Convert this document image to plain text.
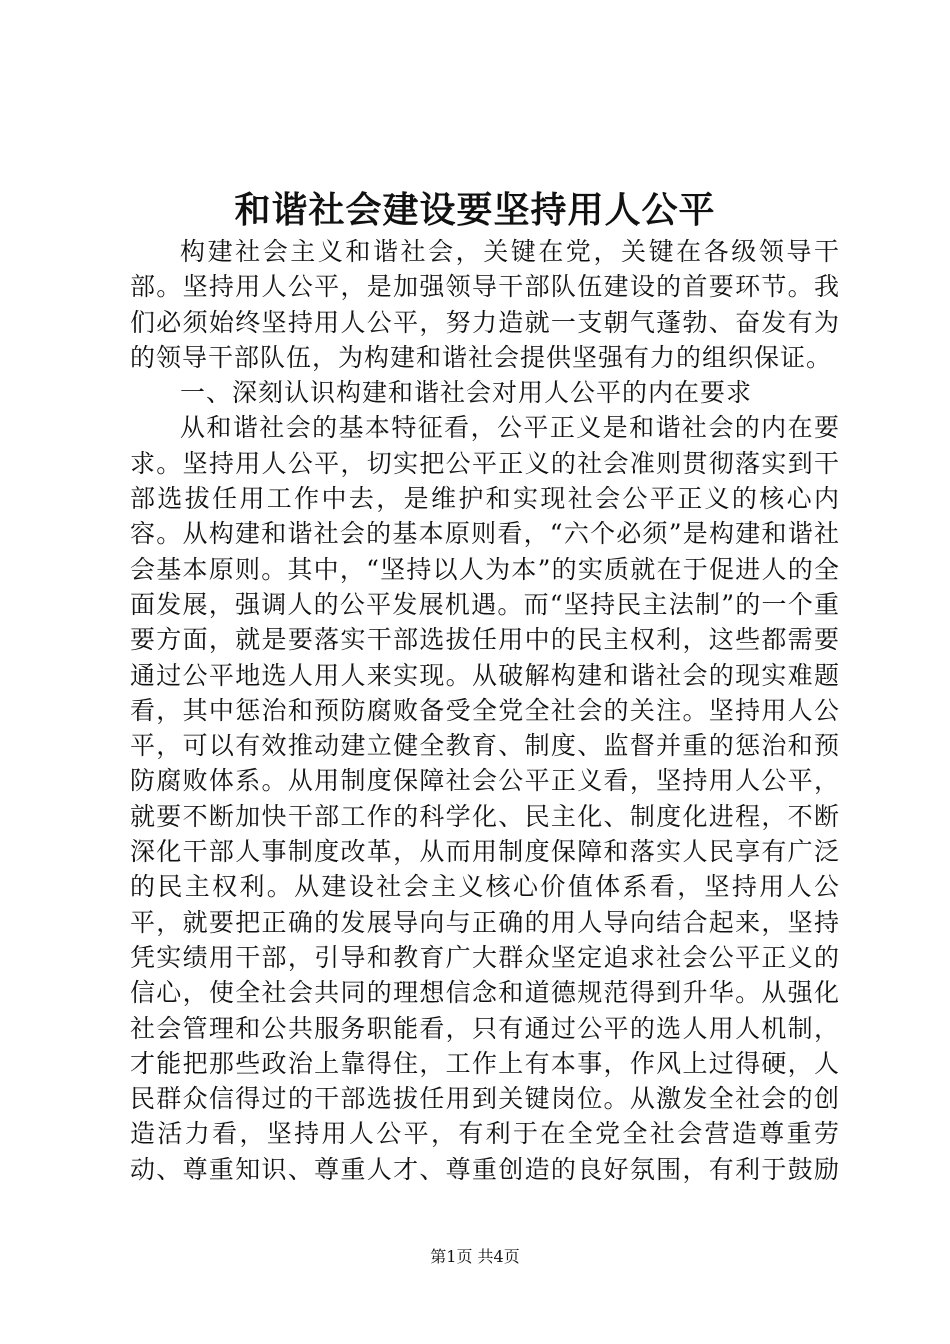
和谐社会建设要坚持用人公平

构建社会主义和谐社会，关键在党，关键在各级领导干部。坚持用人公平，是加强领导干部队伍建设的首要环节。我们必须始终坚持用人公平，努力造就一支朝气蓬勃、奋发有为的领导干部队伍，为构建和谐社会提供坚强有力的组织保证。

一、深刻认识构建和谐社会对用人公平的内在要求

从和谐社会的基本特征看，公平正义是和谐社会的内在要求。坚持用人公平，切实把公平正义的社会准则贯彻落实到干部选拔任用工作中去，是维护和实现社会公平正义的核心内容。从构建和谐社会的基本原则看，“六个必须”是构建和谐社会基本原则。其中，“坚持以人为本”的实质就在于促进人的全面发展，强调人的公平发展机遇。而“坚持民主法制”的一个重要方面，就是要落实干部选拔任用中的民主权利，这些都需要通过公平地选人用人来实现。从破解构建和谐社会的现实难题看，其中惩治和预防腐败备受全党全社会的关注。坚持用人公平，可以有效推动建立健全教育、制度、监督并重的惩治和预防腐败体系。从用制度保障社会公平正义看，坚持用人公平，就要不断加快干部工作的科学化、民主化、制度化进程，不断深化干部人事制度改革，从而用制度保障和落实人民享有广泛的民主权利。从建设社会主义核心价值体系看，坚持用人公平，就要把正确的发展导向与正确的用人导向结合起来，坚持凭实绩用干部，引导和教育广大群众坚定追求社会公平正义的信心，使全社会共同的理想信念和道德规范得到升华。从强化社会管理和公共服务职能看，只有通过公平的选人用人机制，才能把那些政治上靠得住，工作上有本事，作风上过得硬，人民群众信得过的干部选拔任用到关键岗位。从激发全社会的创造活力看，坚持用人公平，有利于在全党全社会营造尊重劳动、尊重知识、尊重人才、尊重创造的良好氛围，有利于鼓励

第1页 共4页
